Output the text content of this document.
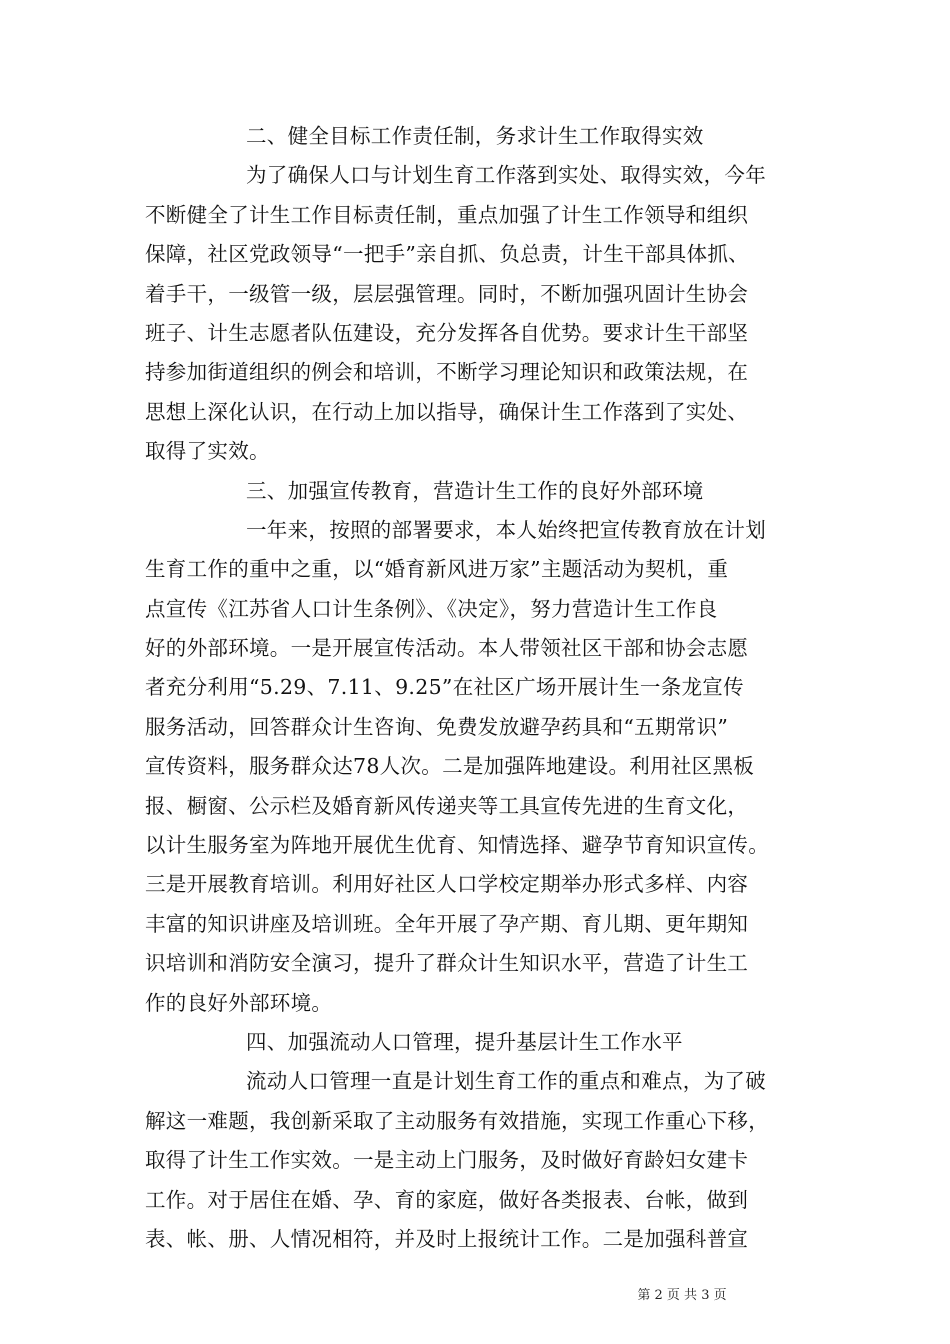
二、健全目标工作责任制，务求计生工作取得实效
为了确保人口与计划生育工作落到实处、取得实效，今年
不断健全了计生工作目标责任制，重点加强了计生工作领导和组织
保障，社区党政领导“一把手”亲自抓、负总责，计生干部具体抓、
着手干，一级管一级，层层强管理。同时，不断加强巩固计生协会
班子、计生志愿者队伍建设，充分发挥各自优势。要求计生干部坚
持参加街道组织的例会和培训，不断学习理论知识和政策法规，在
思想上深化认识，在行动上加以指导，确保计生工作落到了实处、
取得了实效。
三、加强宣传教育，营造计生工作的良好外部环境
一年来，按照的部署要求，本人始终把宣传教育放在计划
生育工作的重中之重，以“婚育新风进万家”主题活动为契机，重
点宣传《江苏省人口计生条例》、《决定》，努力营造计生工作良
好的外部环境。一是开展宣传活动。本人带领社区干部和协会志愿
者充分利用“5.29、7.11、9.25”在社区广场开展计生一条龙宣传
服务活动，回答群众计生咨询、免费发放避孕药具和“五期常识”
宣传资料，服务群众达78人次。二是加强阵地建设。利用社区黑板
报、橱窗、公示栏及婚育新风传递夹等工具宣传先进的生育文化，
以计生服务室为阵地开展优生优育、知情选择、避孕节育知识宣传。
三是开展教育培训。利用好社区人口学校定期举办形式多样、内容
丰富的知识讲座及培训班。全年开展了孕产期、育儿期、更年期知
识培训和消防安全演习，提升了群众计生知识水平，营造了计生工
作的良好外部环境。
四、加强流动人口管理，提升基层计生工作水平
流动人口管理一直是计划生育工作的重点和难点，为了破
解这一难题，我创新采取了主动服务有效措施，实现工作重心下移，
取得了计生工作实效。一是主动上门服务，及时做好育龄妇女建卡
工作。对于居住在婚、孕、育的家庭，做好各类报表、台帐，做到
表、帐、册、人情况相符，并及时上报统计工作。二是加强科普宣
第 2 页 共 3 页
